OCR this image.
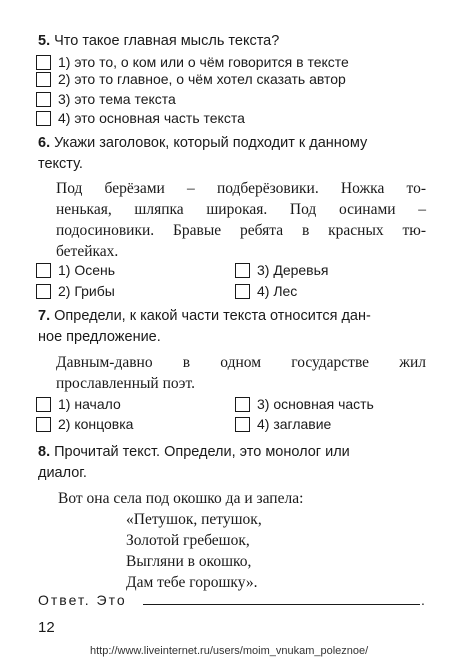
5. Что такое главная мысль текста?
1) это то, о ком или о чём говорится в тексте
2) это то главное, о чём хотел сказать автор
3) это тема текста
4) это основная часть текста
6. Укажи заголовок, который подходит к данному
тексту.
Под берёзами – подберёзовики. Ножка то-
ненькая, шляпка широкая. Под осинами –
подосиновики. Бравые ребята в красных тю-
бетейках.
1) Осень
2) Грибы
3) Деревья
4) Лес
7. Определи, к какой части текста относится дан-
ное предложение.
Давным-давно в одном государстве жил
прославленный поэт.
1) начало
2) концовка
3) основная часть
4) заглавие
8. Прочитай текст. Определи, это монолог или
диалог.
Вот она села под окошко да и запела:
«Петушок, петушок,
Золотой гребешок,
Выгляни в окошко,
Дам тебе горошку».
Ответ. Это	.
12
http://www.liveinternet.ru/users/moim_vnukam_poleznoe/
